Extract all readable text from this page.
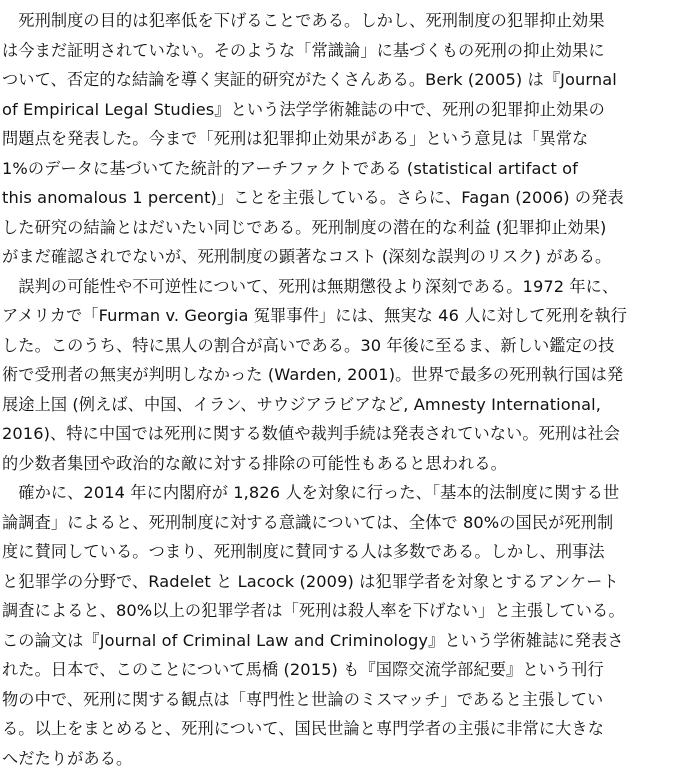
　死刑制度の目的は犯率低を下げることである。しかし、死刑制度の犯罪抑止効果
は今まだ証明されていない。そのような「常識論」に基づくもの死刑の抑止効果に
ついて、否定的な結論を導く実証的研究がたくさんある。Berk (2005) は『Journal
of Empirical Legal Studies』という法学学術雑誌の中で、死刑の犯罪抑止効果の
問題点を発表した。今まで「死刑は犯罪抑止効果がある」という意見は「異常な
1%のデータに基づいてた統計的アーチファクトである (statistical artifact of
this anomalous 1 percent)」ことを主張している。さらに、Fagan (2006) の発表
した研究の結論とはだいたい同じである。死刑制度の潜在的な利益 (犯罪抑止効果)
がまだ確認されでないが、死刑制度の顕著なコスト (深刻な誤判のリスク) がある。
　誤判の可能性や不可逆性について、死刑は無期懲役より深刻である。1972 年に、
アメリカで「Furman v. Georgia 冤罪事件」には、無実な 46 人に対して死刑を執行
した。このうち、特に黒人の割合が高いである。30 年後に至るま、新しい鑑定の技
術で受刑者の無実が判明しなかった (Warden, 2001)。世界で最多の死刑執行国は発
展途上国 (例えば、中国、イラン、サウジアラビアなど, Amnesty International,
2016)、特に中国では死刑に関する数値や裁判手続は発表されていない。死刑は社会
的少数者集団や政治的な敵に対する排除の可能性もあると思われる。
　確かに、2014 年に内閣府が 1,826 人を対象に行った、「基本的法制度に関する世
論調査」によると、死刑制度に対する意識については、全体で 80%の国民が死刑制
度に賛同している。つまり、死刑制度に賛同する人は多数である。しかし、刑事法
と犯罪学の分野で、Radelet と Lacock (2009) は犯罪学者を対象とするアンケート
調査によると、80%以上の犯罪学者は「死刑は殺人率を下げない」と主張している。
この論文は『Journal of Criminal Law and Criminology』という学術雑誌に発表さ
れた。日本で、このことについて馬橋 (2015) も『国際交流学部紀要』という刊行
物の中で、死刑に関する観点は「専門性と世論のミスマッチ」であると主張してい
る。以上をまとめると、死刑について、国民世論と専門学者の主張に非常に大きな
へだたりがある。
